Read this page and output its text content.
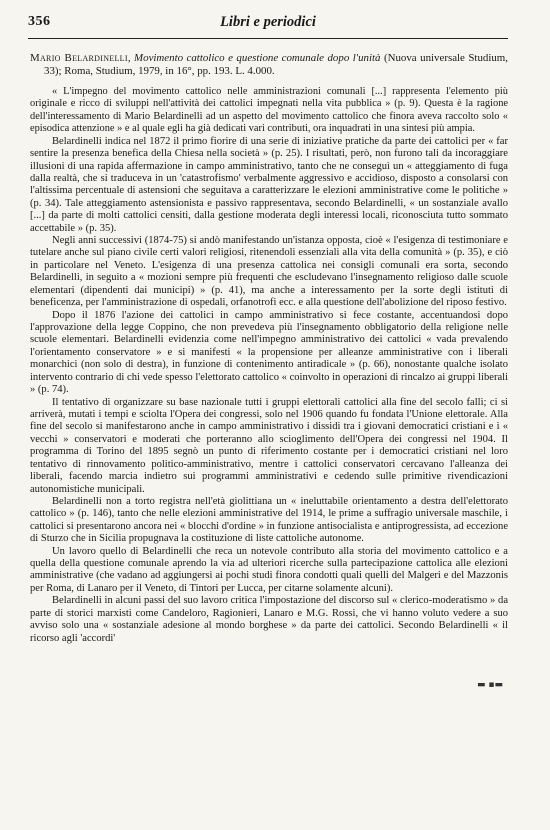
356	Libri e periodici

Mario Belardinelli, Movimento cattolico e questione comunale dopo l'unità (Nuova universale Studium, 33); Roma, Studium, 1979, in 16°, pp. 193. L. 4.000.

« L'impegno del movimento cattolico nelle amministrazioni comunali [...] rappresenta l'elemento più originale e ricco di sviluppi nell'attività dei cattolici impegnati nella vita pubblica » (p. 9). Questa è la ragione dell'interessamento di Mario Belardinelli ad un aspetto del movimento cattolico che finora aveva raccolto solo « episodica attenzione » e al quale egli ha già dedicati vari contributi, ora inquadrati in una sintesi più ampia.

Belardinelli indica nel 1872 il primo fiorire di una serie di iniziative pratiche da parte dei cattolici per « far sentire la presenza benefica della Chiesa nella società » (p. 25). I risultati, però, non furono tali da incoraggiare illusioni di una rapida affermazione in campo amministrativo, tanto che ne conseguì un « atteggiamento di fuga dalla realtà, che si traduceva in un 'catastrofismo' verbalmente aggressivo e accidioso, disposto a consolarsi con l'altissima percentuale di astensioni che seguitava a caratterizzare le elezioni amministrative come le politiche » (p. 34). Tale atteggiamento astensionista e passivo rappresentava, secondo Belardinelli, « un sostanziale avallo [...] da parte di molti cattolici censiti, dalla gestione moderata degli interessi locali, riconosciuta tutto sommato accettabile » (p. 35).

Negli anni successivi (1874-75) si andò manifestando un'istanza opposta, cioè « l'esigenza di testimoniare e tutelare anche sul piano civile certi valori religiosi, ritenendoli essenziali alla vita della comunità » (p. 35), e ciò in particolare nel Veneto. L'esigenza di una presenza cattolica nei consigli comunali era sorta, secondo Belardinelli, in seguito a « mozioni sempre più frequenti che escludevano l'insegnamento religioso dalle scuole elementari (dipendenti dai municipi) » (p. 41), ma anche a interessamento per la sorte degli istituti di beneficenza, per l'amministrazione di ospedali, orfanotrofi ecc. e alla questione dell'abolizione del riposo festivo.

Dopo il 1876 l'azione dei cattolici in campo amministrativo si fece costante, accentuandosi dopo l'approvazione della legge Coppino, che non prevedeva più l'insegnamento obbligatorio della religione nelle scuole elementari. Belardinelli evidenzia come nell'impegno amministrativo dei cattolici « vada prevalendo l'orientamento conservatore » e si manifesti « la propensione per alleanze amministrative con i liberali monarchici (non solo di destra), in funzione di contenimento antiradicale » (p. 66), nonostante qualche isolato intervento contrario di chi vede spesso l'elettorato cattolico « coinvolto in operazioni di rincalzo ai gruppi liberali » (p. 74).

Il tentativo di organizzare su base nazionale tutti i gruppi elettorali cattolici alla fine del secolo fallì; ci si arriverà, mutati i tempi e sciolta l'Opera dei congressi, solo nel 1906 quando fu fondata l'Unione elettorale. Alla fine del secolo si manifestarono anche in campo amministrativo i dissidi tra i giovani democratici cristiani e i « vecchi » conservatori e moderati che porteranno allo scioglimento dell'Opera dei congressi nel 1904. Il programma di Torino del 1895 segnò un punto di riferimento costante per i democratici cristiani nel loro tentativo di rinnovamento politico-amministrativo, mentre i cattolici conservatori cercavano l'alleanza dei liberali, facendo marcia indietro sui programmi amministrativi e cedendo sulle primitive rivendicazioni autonomistiche municipali.

Belardinelli non a torto registra nell'età giolittiana un « ineluttabile orientamento a destra dell'elettorato cattolico » (p. 146), tanto che nelle elezioni amministrative del 1914, le prime a suffragio universale maschile, i cattolici si presentarono ancora nei « blocchi d'ordine » in funzione antisocialista e antiprogressista, ad eccezione di Sturzo che in Sicilia propugnava la costituzione di liste cattoliche autonome.

Un lavoro quello di Belardinelli che reca un notevole contributo alla storia del movimento cattolico e a quella della questione comunale aprendo la via ad ulteriori ricerche sulla partecipazione cattolica alle elezioni amministrative (che vadano ad aggiungersi ai pochi studi finora condotti quali quelli del Malgeri e del Mazzonis per Roma, di Lanaro per il Veneto, di Tintori per Lucca, per citarne solamente alcuni).

Belardinelli in alcuni passi del suo lavoro critica l'impostazione del discorso sul « clerico-moderatismo » da parte di storici marxisti come Candeloro, Ragionieri, Lanaro e M.G. Rossi, che vi hanno voluto vedere a suo avviso solo una « sostanziale adesione al mondo borghese » da parte dei cattolici. Secondo Belardinelli « il ricorso agli 'accordi'

▬ ▪▬
